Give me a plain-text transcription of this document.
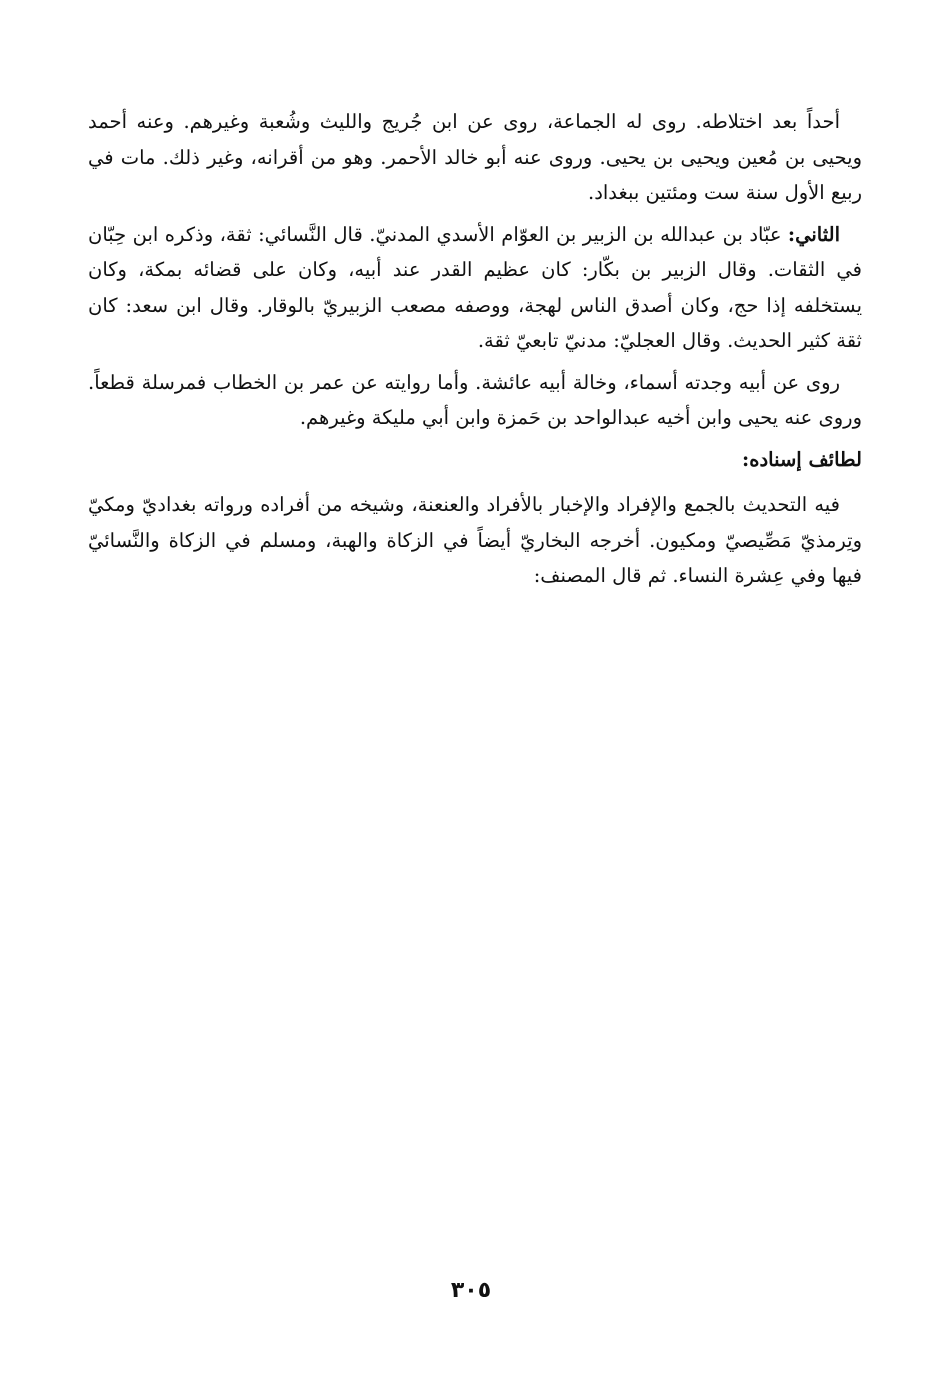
أحداً بعد اختلاطه. روى له الجماعة، روى عن ابن جُريج والليث وشُعبة وغيرهم. وعنه أحمد ويحيى بن مُعين ويحيى بن يحيى. وروى عنه أبو خالد الأحمر. وهو من أقرانه، وغير ذلك. مات في ربيع الأول سنة ست ومئتين ببغداد.

الثاني: عبّاد بن عبدالله بن الزبير بن العوّام الأسدي المدنيّ. قال النَّسائي: ثقة، وذكره ابن حِبّان في الثقات. وقال الزبير بن بكّار: كان عظيم القدر عند أبيه، وكان على قضائه بمكة، وكان يستخلفه إذا حج، وكان أصدق الناس لهجة، ووصفه مصعب الزبيريّ بالوقار. وقال ابن سعد: كان ثقة كثير الحديث. وقال العجليّ: مدنيّ تابعيّ ثقة.

روى عن أبيه وجدته أسماء، وخالة أبيه عائشة. وأما روايته عن عمر بن الخطاب فمرسلة قطعاً. وروى عنه يحيى وابن أخيه عبدالواحد بن حَمزة وابن أبي مليكة وغيرهم.

لطائف إسناده:

فيه التحديث بالجمع والإفراد والإخبار بالأفراد والعنعنة، وشيخه من أفراده ورواته بغداديّ ومكيّ وتِرمذيّ مَصِّيصيّ ومكيون. أخرجه البخاريّ أيضاً في الزكاة والهبة، ومسلم في الزكاة والنَّسائيّ فيها وفي عِشرة النساء. ثم قال المصنف:

٣٠٥
